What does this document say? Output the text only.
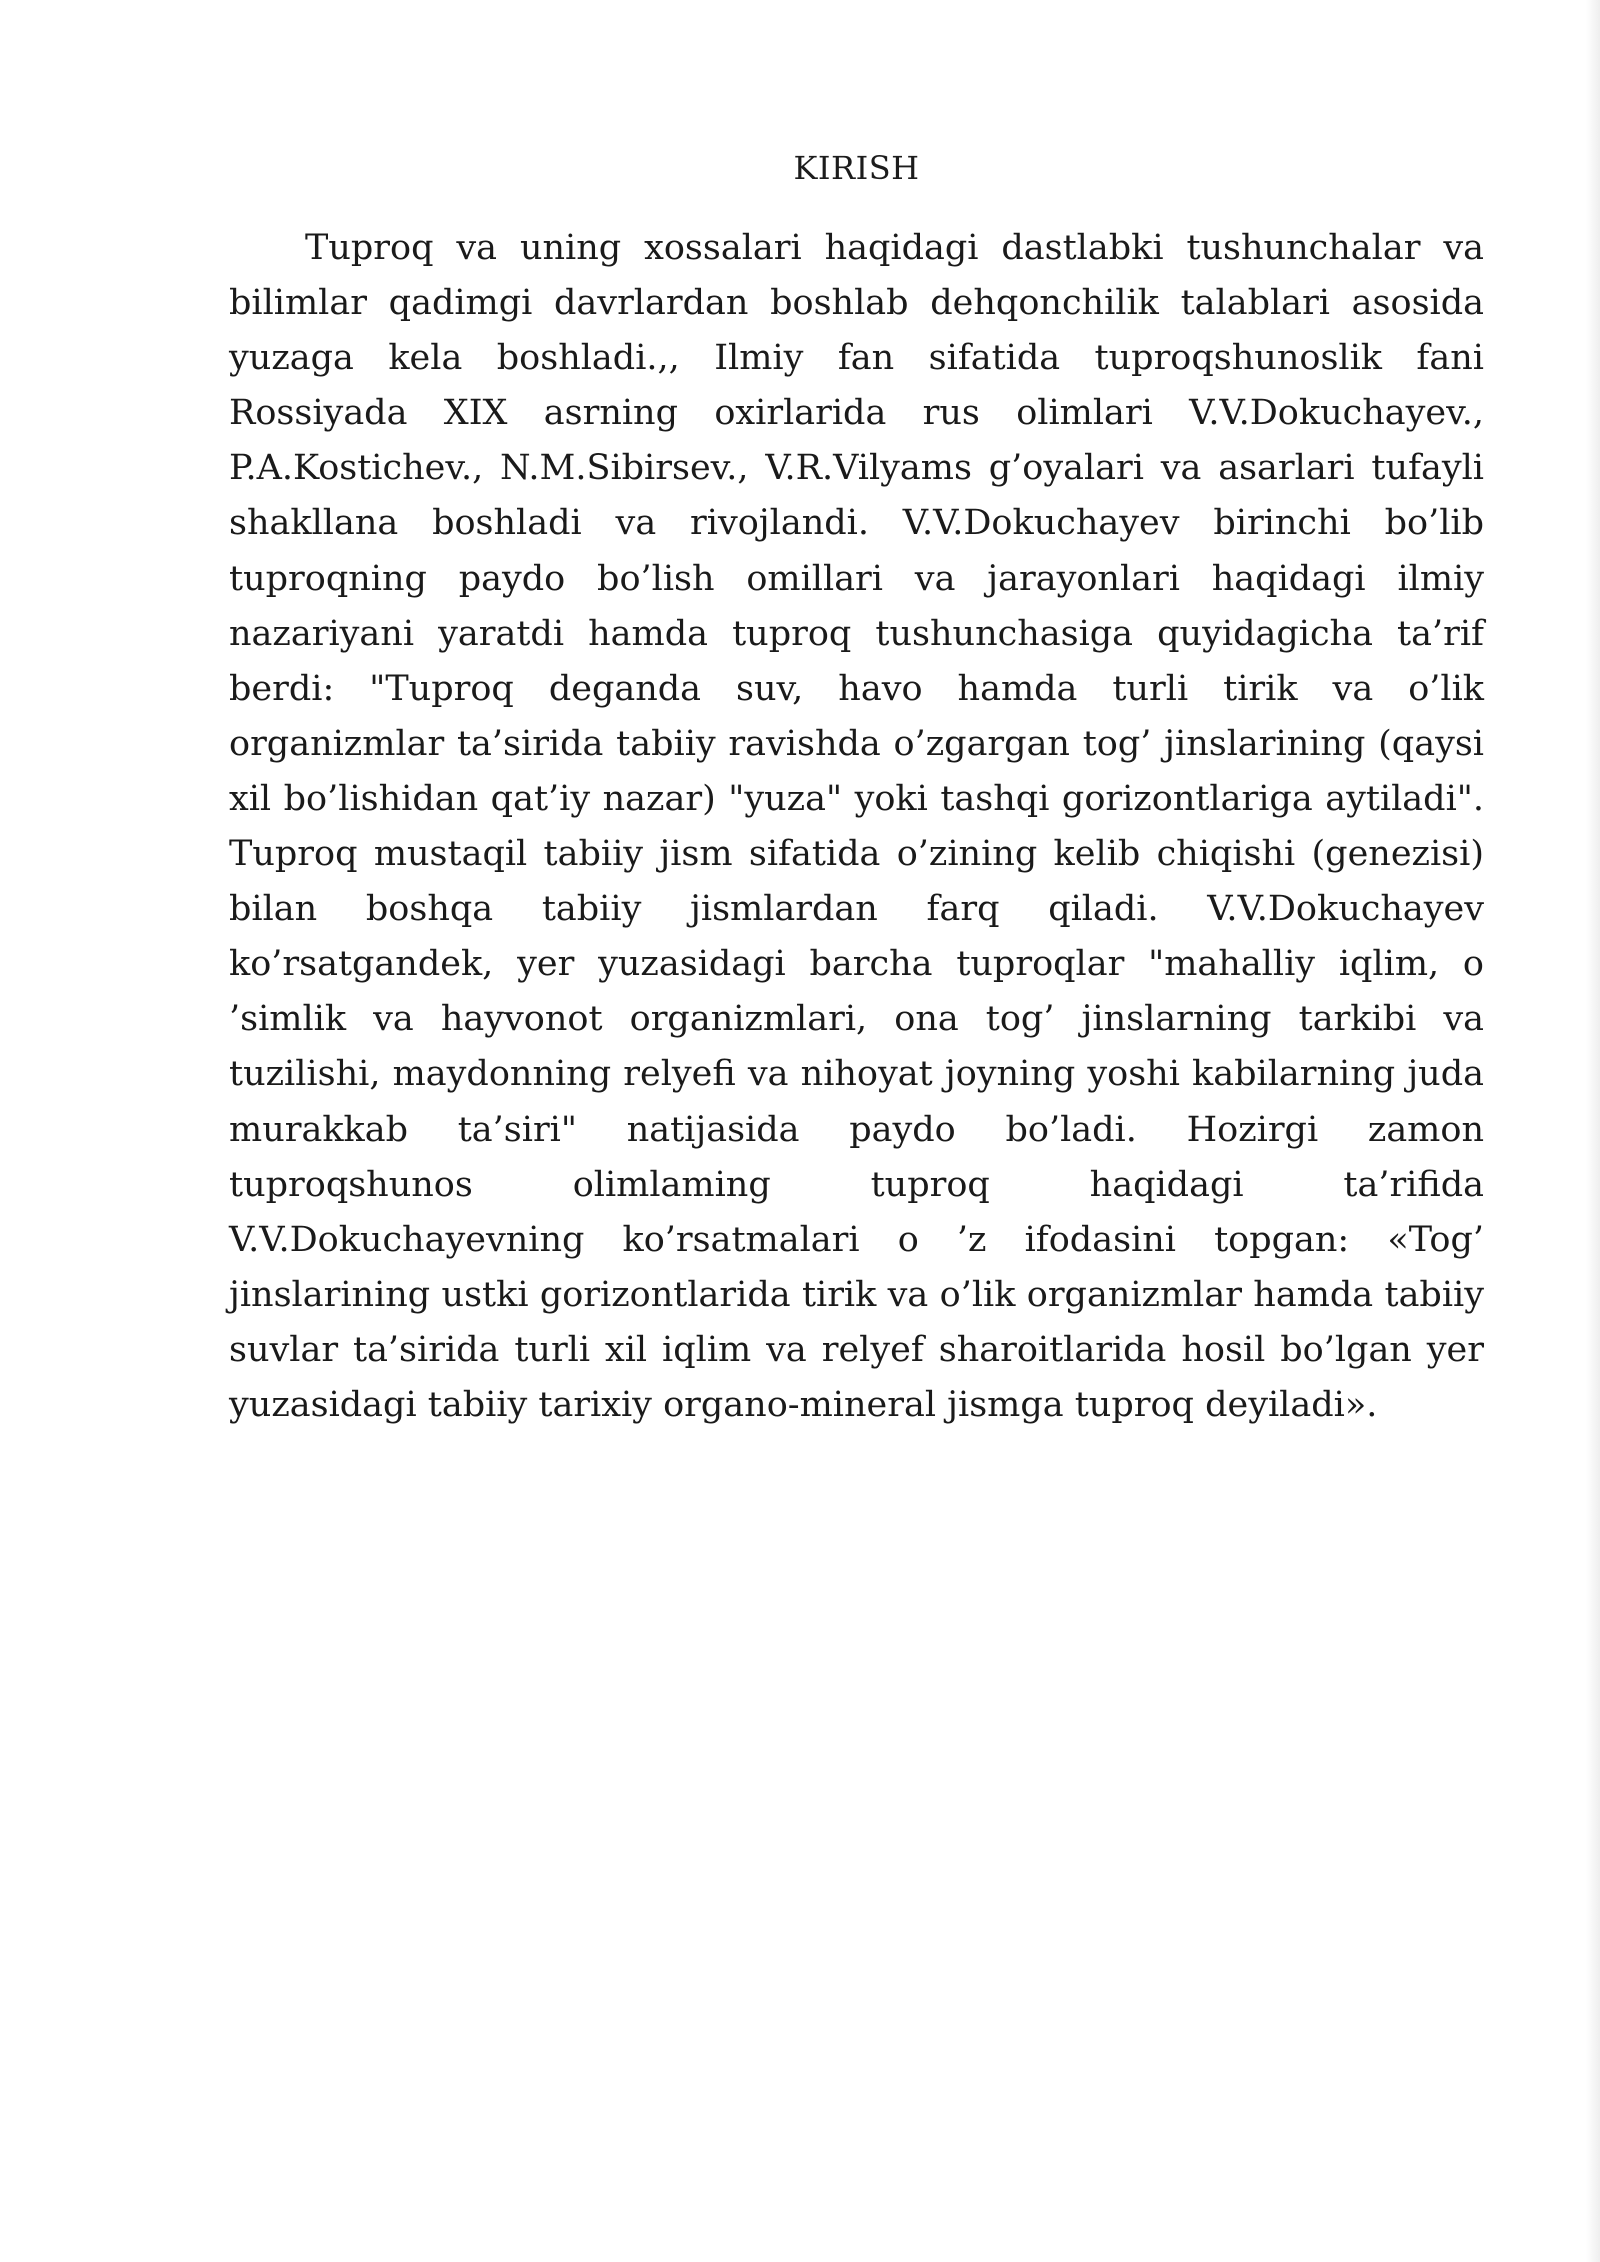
KIRISH

Tuproq va uning xossalari haqidagi dastlabki tushunchalar va bilimlar qadimgi davrlardan boshlab dehqonchilik talablari asosida yuzaga kela boshladi.,, Ilmiy fan sifatida tuproqshunoslik fani Rossiyada XIX asrning oxirlarida rus olimlari V.V.Dokuchayev., P.A.Kostichev., N.M.Sibirsev., V.R.Vilyams g’oyalari va asarlari tufayli shakllana boshladi va rivojlandi. V.V.Dokuchayev birinchi bo’lib tuproqning paydo bo’lish omillari va jarayonlari haqidagi ilmiy nazariyani yaratdi hamda tuproq tushunchasiga quyidagicha ta’rif berdi: "Tuproq deganda suv, havo hamda turli tirik va o’lik organizmlar ta’sirida tabiiy ravishda o’zgargan tog’ jinslarining (qaysi xil bo’lishidan qat’iy nazar) "yuza" yoki tashqi gorizontlariga aytiladi". Tuproq mustaqil tabiiy jism sifatida o’zining kelib chiqishi (genezisi) bilan boshqa tabiiy jismlardan farq qiladi. V.V.Dokuchayev ko’rsatgandek, yer yuzasidagi barcha tuproqlar "mahalliy iqlim, o ’simlik va hayvonot organizmlari, ona tog’ jinslarning tarkibi va tuzilishi, maydonning relyefi va nihoyat joyning yoshi kabilarning juda murakkab ta’siri" natijasida paydo bo’ladi. Hozirgi zamon tuproqshunos olimlaming tuproq haqidagi ta’rifida V.V.Dokuchayevning ko’rsatmalari o ’z ifodasini topgan: «Tog’ jinslarining ustki gorizontlarida tirik va o’lik organizmlar hamda tabiiy suvlar ta’sirida turli xil iqlim va relyef sharoitlarida hosil bo’lgan yer yuzasidagi tabiiy tarixiy organo-mineral jismga tuproq deyiladi».
